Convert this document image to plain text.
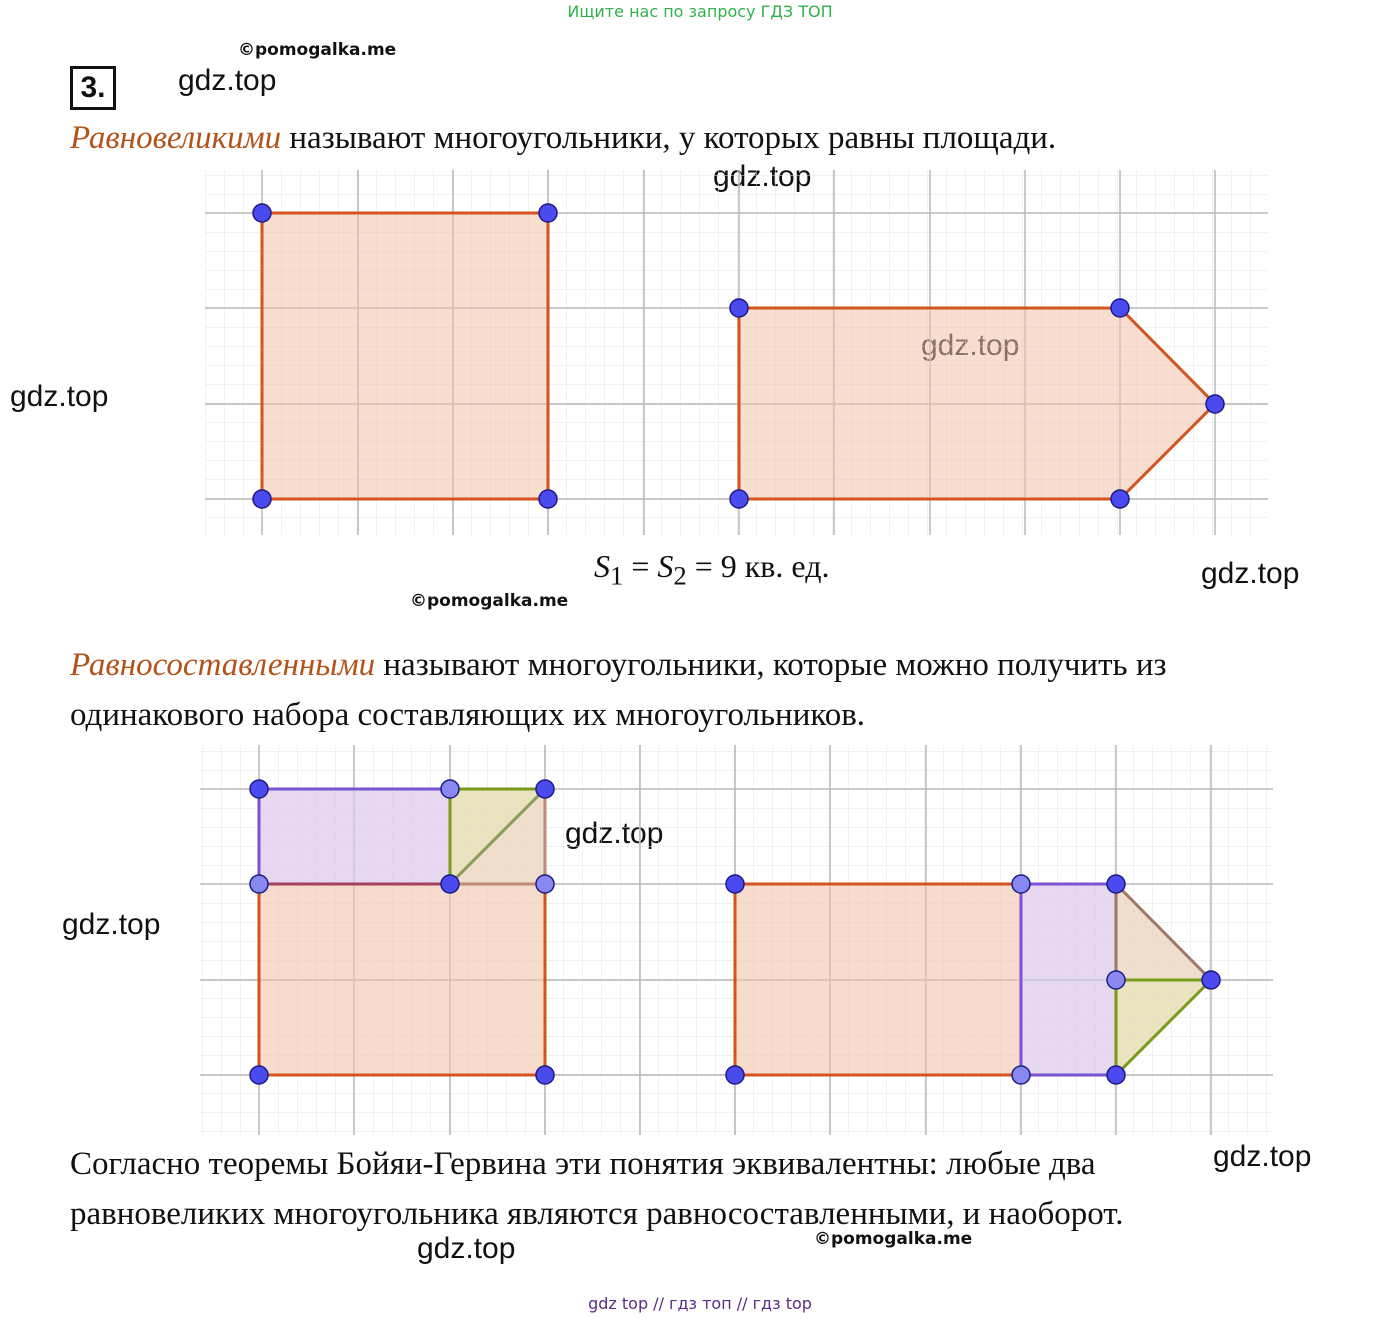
Ищите нас по запросу ГДЗ ТОП
©pomogalka.me
©pomogalka.me
©pomogalka.me
3.	gdz.top
gdz.top
gdz.top
gdz.top
gdz.top
gdz.top
Равновеликими называют многоугольники, у которых равны площади.
$S_1 = S_2 = 9$ кв. ед.
Равносоставленными называют многоугольники, которые можно получить из
одинакового набора составляющих их многоугольников.
Согласно теоремы Бойяи-Гервина эти понятия эквивалентны: любые два
равновеликих многоугольника являются равносоставленными, и наоборот.
gdz top // гдз топ // гдз top
